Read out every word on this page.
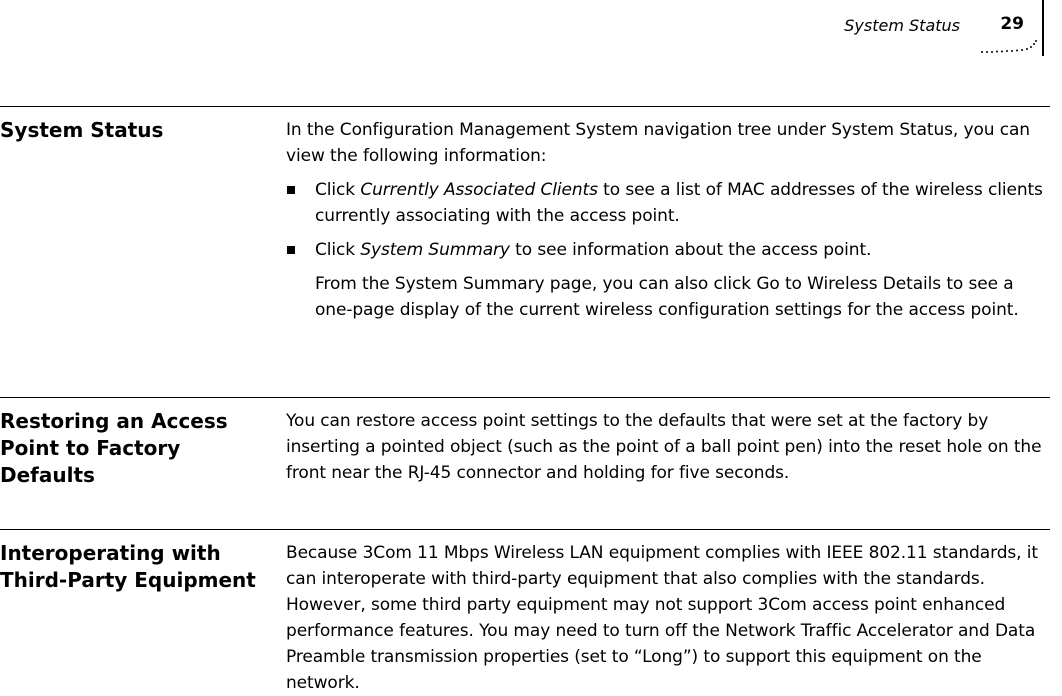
System Status 29
System Status	In the Configuration Management System navigation tree under System Status, you can view the following information:

Click Currently Associated Clients to see a list of MAC addresses of the wireless clients currently associating with the access point.
Click System Summary to see information about the access point.

From the System Summary page, you can also click Go to Wireless Details to see a one-page display of the current wireless configuration settings for the access point.

Restoring an Access Point to Factory Defaults

You can restore access point settings to the defaults that were set at the factory by inserting a pointed object (such as the point of a ball point pen) into the reset hole on the front near the RJ-45 connector and holding for five seconds.

Interoperating with Third-Party Equipment

Because 3Com 11 Mbps Wireless LAN equipment complies with IEEE 802.11 standards, it can interoperate with third-party equipment that also complies with the standards. However, some third party equipment may not support 3Com access point enhanced performance features. You may need to turn off the Network Traffic Accelerator and Data Preamble transmission properties (set to “Long”) to support this equipment on the network.
